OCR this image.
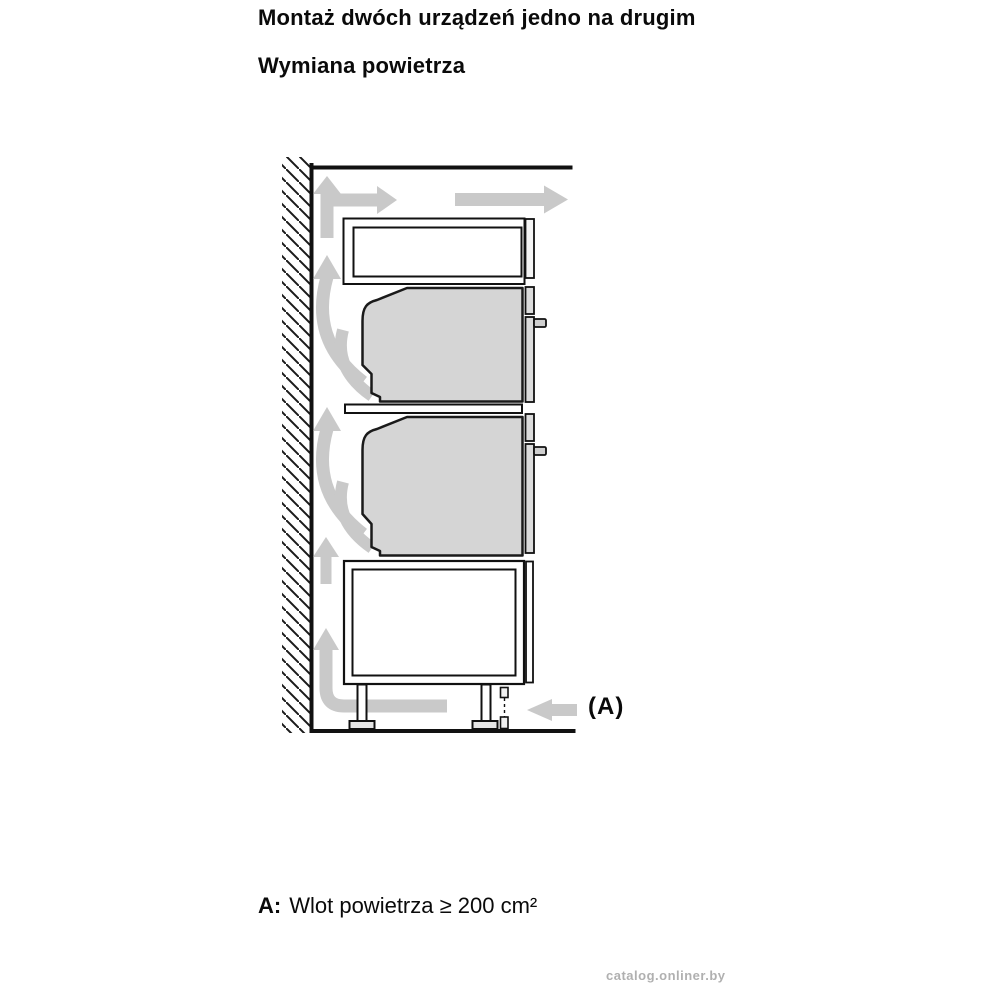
Montaż dwóch urządzeń jedno na drugim
Wymiana powietrza
(A)
A: Wlot powietrza ≥ 200 cm²
catalog.onliner.by
